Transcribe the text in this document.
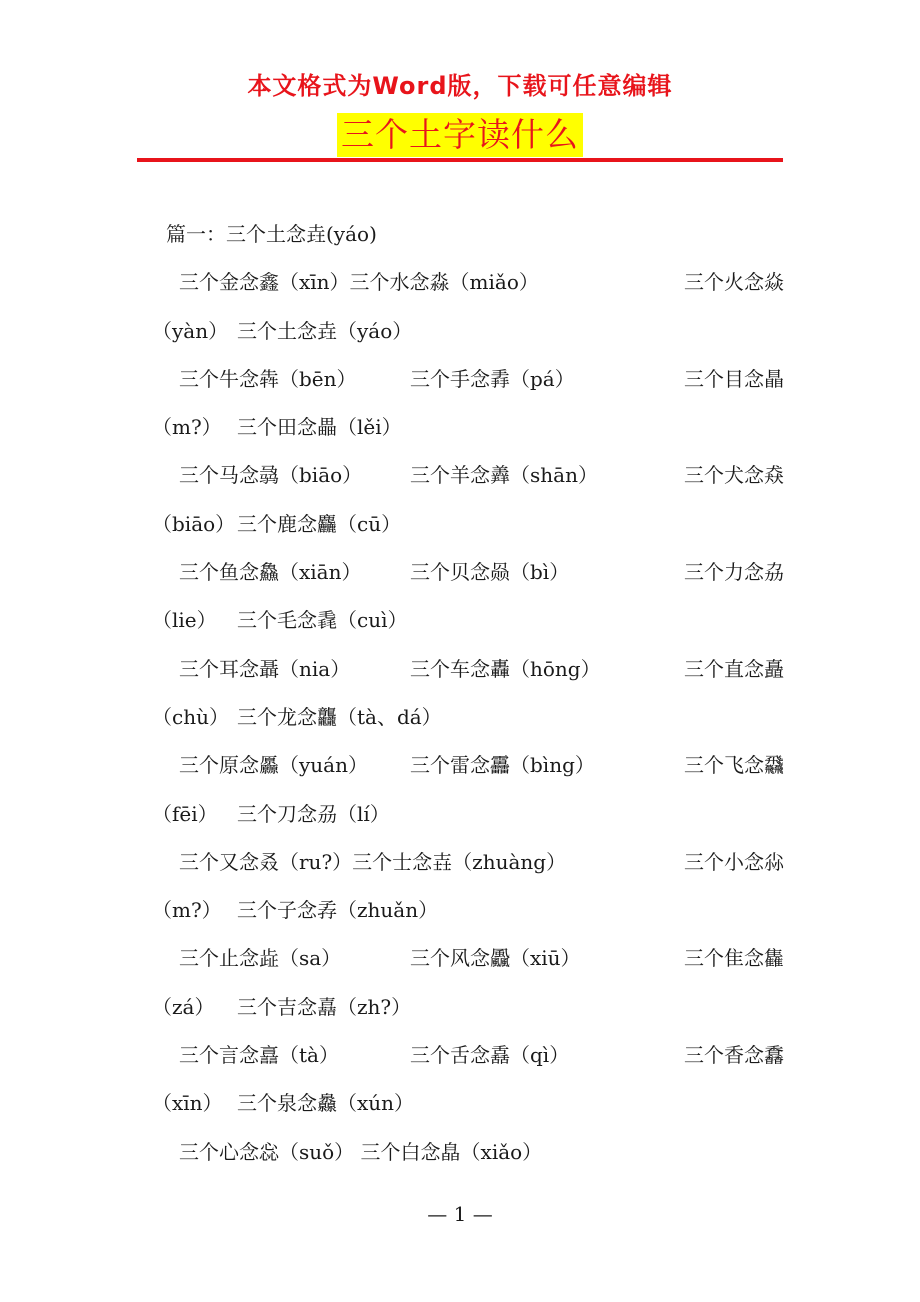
本文格式为Word版，下载可任意编辑
三个土字读什么
篇一：三个土念垚(yáo)
三个金念鑫（xīn）三个水念淼（miǎo）	三个火念焱
（yàn） 三个土念垚（yáo）
三个牛念犇（bēn）	三个手念掱（pá）	三个目念瞐
（m?） 三个田念畾（lěi）
三个马念骉（biāo） 三个羊念羴（shān）	三个犬念猋
（biāo） 三个鹿念麤（cū）
三个鱼念鱻（xiān） 三个贝念赑（bì）	三个力念劦
（lie） 三个毛念毳（cuì）
三个耳念聶（nia）	三个车念轟（hōng）	三个直念矗
（chù） 三个龙念龘（tà、dá）
三个原念厵（yuán） 三个雷念靐（bìng）	三个飞念飝
（fēi） 三个刀念刕（lí）
三个又念叒（ru?）三个士念壵（zhuàng）	三个小念尛
（m?） 三个子念孨（zhuǎn）
三个止念歮（sa）	三个风念飍（xiū）	三个隹念雥
（zá） 三个吉念嚞（zh?）
三个言念譶（tà）	三个舌念舙（qì）	三个香念馫
（xīn） 三个泉念灥（xún）
三个心念惢（suǒ） 三个白念皛（xiǎo）
— 1 —
